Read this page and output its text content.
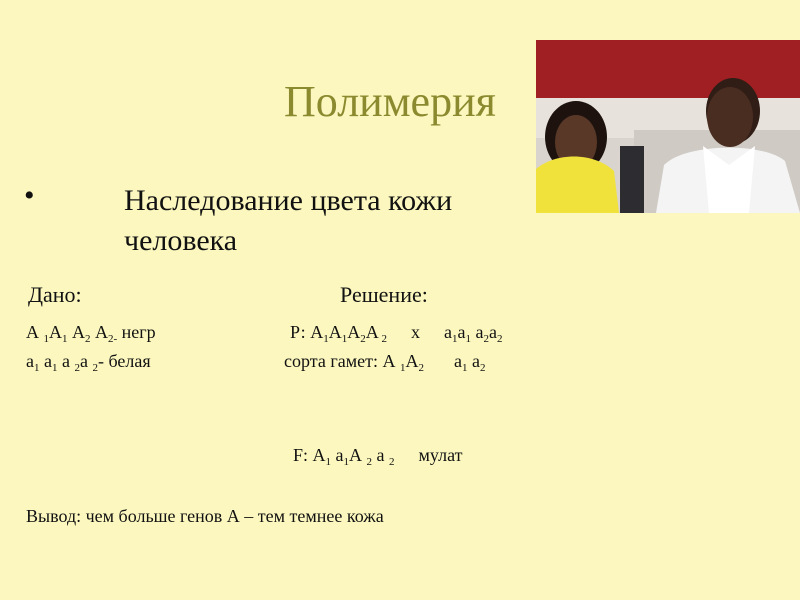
Полимерия
•	Наследование цвета кожи
человека
Дано:	Решение:
А $_1А_1$ $А_2$ $А_{2-}$ негр
$а_1$ $а_1$ а $_2$а $_2$- белая
Р: $А_1А_1А_2А$ $_2$ х $а_1а_1$ $а_2а_2$
сорта гамет: А $_1А_2$ $а_1$ $а_2$
F: $А_1$ $а_1А$ $_2$ а $_2$ мулат
Вывод: чем больше генов А – тем темнее кожа
